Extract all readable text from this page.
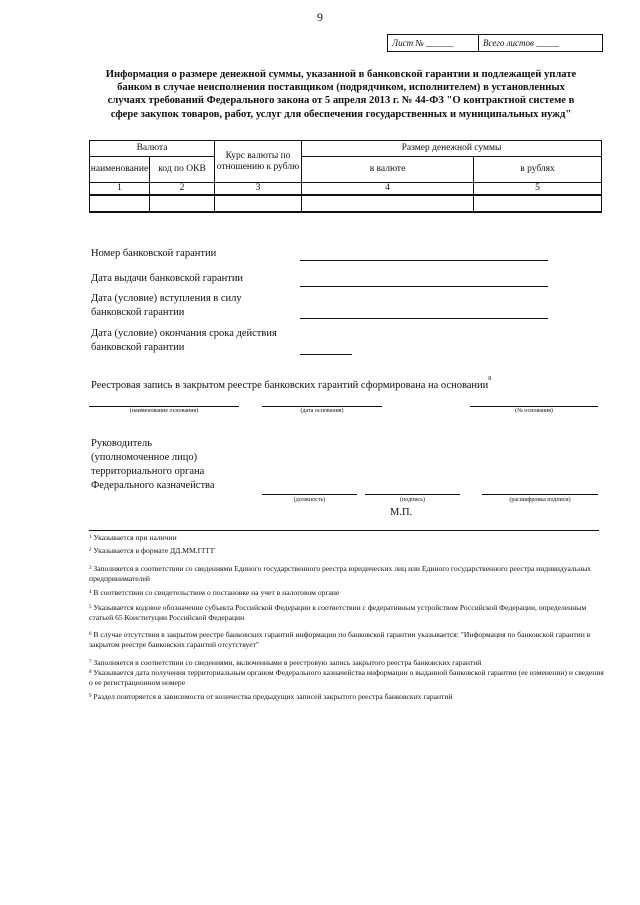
9
Лист № ______	Всего листов _____
Информация о размере денежной суммы, указанной в банковской гарантии и подлежащей уплате банком в случае неисполнения поставщиком (подрядчиком, исполнителем) в установленных случаях требований Федерального закона от 5 апреля 2013 г. № 44-ФЗ "О контрактной системе в сфере закупок товаров, работ, услуг для обеспечения государственных и муниципальных нужд"
Валюта		Курс валюты по отношению к рублю	Размер денежной суммы	
наименование	код по ОКВ		в валюте	в рублях
1	2	3	4	5

Номер банковской гарантии
Дата выдачи банковской гарантии
Дата (условие) вступления в силу банковской гарантии
Дата (условие) окончания срока действия банковской гарантии
Реестровая запись в закрытом реестре банковских гарантий сформирована на основании$^8$
(наименование основания)	(дата основания)	(№ основания)
Руководитель
(уполномоченное лицо)
территориального органа
Федерального казначейства
(должность)	(подпись)	(расшифровка подписи)
М.П.
$^1$ Указывается при наличии
$^2$ Указывается в формате ДД.ММ.ГГГГ
$^3$ Заполняется в соответствии со сведениями Единого государственного реестра юридических лиц или Единого государственного реестра индивидуальных предпринимателей
$^4$ В соответствии со свидетельством о постановке на учет в налоговом органе
$^5$ Указывается кодовое обозначение субъекта Российской Федерации в соответствии с федеративным устройством Российской Федерации, определенным статьей 65 Конституции Российской Федерации
$^6$ В случае отсутствия в закрытом реестре банковских гарантий информации по банковской гарантии указывается: "Информация по банковской гарантии в закрытом реестре банковских гарантий отсутствует"
$^7$ Заполняется в соответствии со сведениями, включенными в реестровую запись закрытого реестра банковских гарантий
$^8$ Указывается дата получения территориальным органом Федерального казначейства информации о выданной банковской гарантии (ее изменении) и сведения о ее регистрационном номере
$^9$ Раздел повторяется в зависимости от количества предыдущих записей закрытого реестра банковских гарантий
